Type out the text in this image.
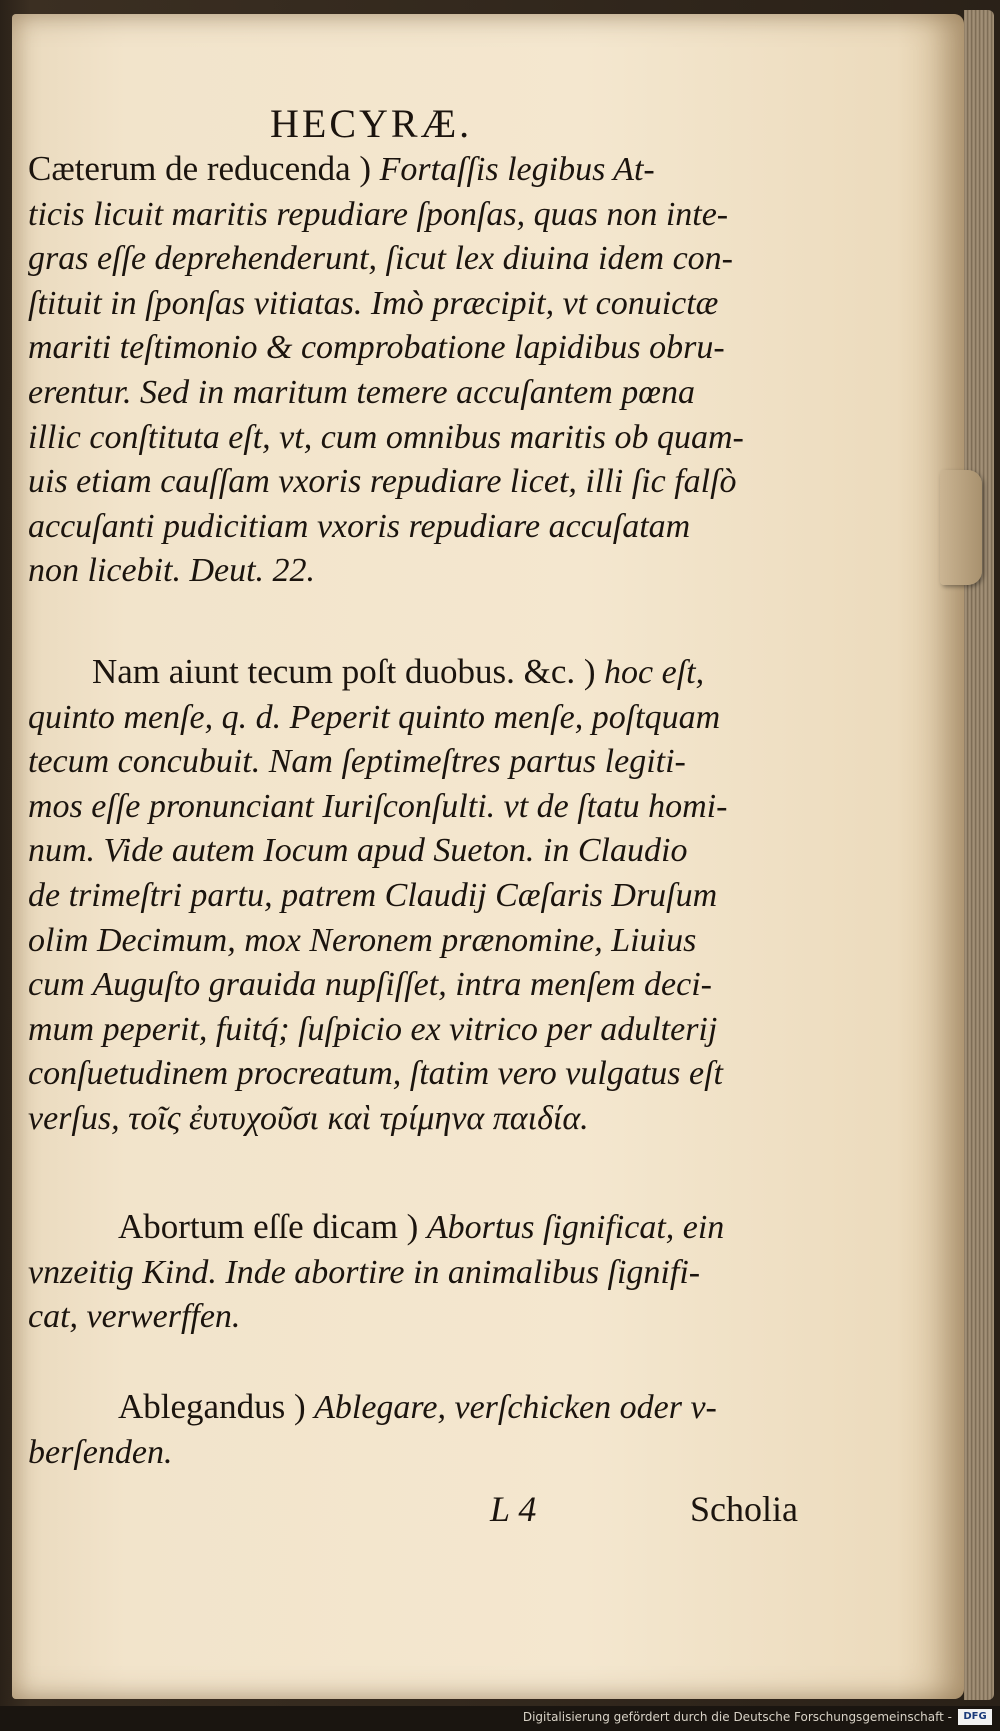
HECYRÆ.
Cæterum de reducenda ) Fortaſſis legibus At-
ticis licuit maritis repudiare ſponſas, quas non inte-
gras eſſe deprehenderunt, ſicut lex diuina idem con-
ſtituit in ſponſas vitiatas. Imò præcipit, vt conuictæ
mariti teſtimonio & comprobatione lapidibus obru-
erentur. Sed in maritum temere accuſantem pœna
illic conſtituta eſt, vt, cum omnibus maritis ob quam-
uis etiam cauſſam vxoris repudiare licet, illi ſic falſò
accuſanti pudicitiam vxoris repudiare accuſatam
non licebit. Deut. 22.
Nam aiunt tecum poſt duobus. &c. ) hoc eſt,
quinto menſe, q. d. Peperit quinto menſe, poſtquam
tecum concubuit. Nam ſeptimeſtres partus legiti-
mos eſſe pronunciant Iuriſconſulti. vt de ſtatu homi-
num. Vide autem Iocum apud Sueton. in Claudio
de trimeſtri partu, patrem Claudij Cæſaris Druſum
olim Decimum, mox Neronem prænomine, Liuius
cum Auguſto grauida nupſiſſet, intra menſem deci-
mum peperit, fuitq́; ſuſpicio ex vitrico per adulterij
conſuetudinem procreatum, ſtatim vero vulgatus eſt
verſus, τοῖς ἐυτυχοῦσι καὶ τρίμηνα παιδία.
Abortum eſſe dicam ) Abortus ſignificat, ein
vnzeitig Kind. Inde abortire in animalibus ſignifi-
cat, verwerffen.
Ablegandus ) Ablegare, verſchicken oder v-
berſenden.
L 4	Scholia
Digitalisierung gefördert durch die Deutsche Forschungsgemeinschaft -	DFG
